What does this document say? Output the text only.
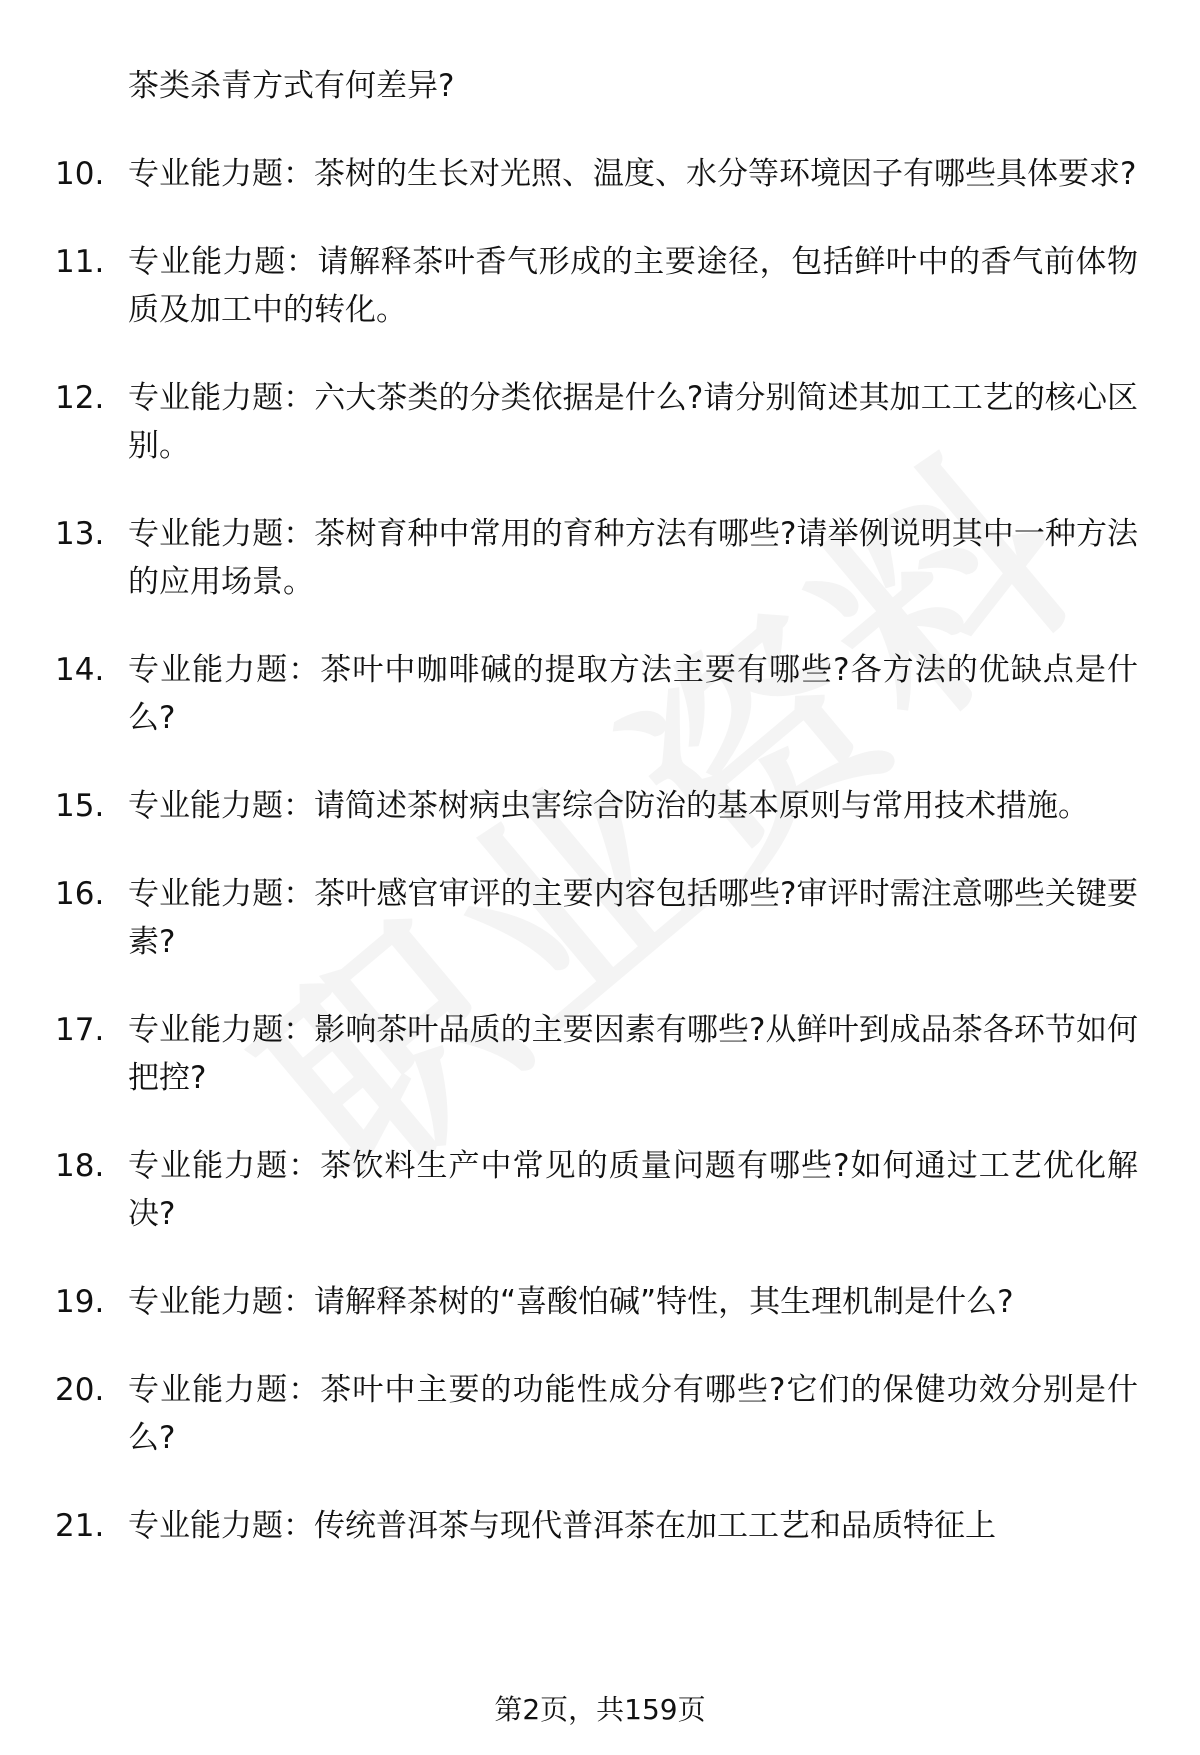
茶类杀青方式有何差异?
10. 专业能力题：茶树的生长对光照、温度、水分等环境因子有哪些具体要求?
11. 专业能力题：请解释茶叶香气形成的主要途径，包括鲜叶中的香气前体物质及加工中的转化。
12. 专业能力题：六大茶类的分类依据是什么?请分别简述其加工工艺的核心区别。
13. 专业能力题：茶树育种中常用的育种方法有哪些?请举例说明其中一种方法的应用场景。
14. 专业能力题：茶叶中咖啡碱的提取方法主要有哪些?各方法的优缺点是什么?
15. 专业能力题：请简述茶树病虫害综合防治的基本原则与常用技术措施。
16. 专业能力题：茶叶感官审评的主要内容包括哪些?审评时需注意哪些关键要素?
17. 专业能力题：影响茶叶品质的主要因素有哪些?从鲜叶到成品茶各环节如何把控?
18. 专业能力题：茶饮料生产中常见的质量问题有哪些?如何通过工艺优化解决?
19. 专业能力题：请解释茶树的“喜酸怕碱”特性，其生理机制是什么?
20. 专业能力题：茶叶中主要的功能性成分有哪些?它们的保健功效分别是什么?
21. 专业能力题：传统普洱茶与现代普洱茶在加工工艺和品质特征上
第2页，共159页
